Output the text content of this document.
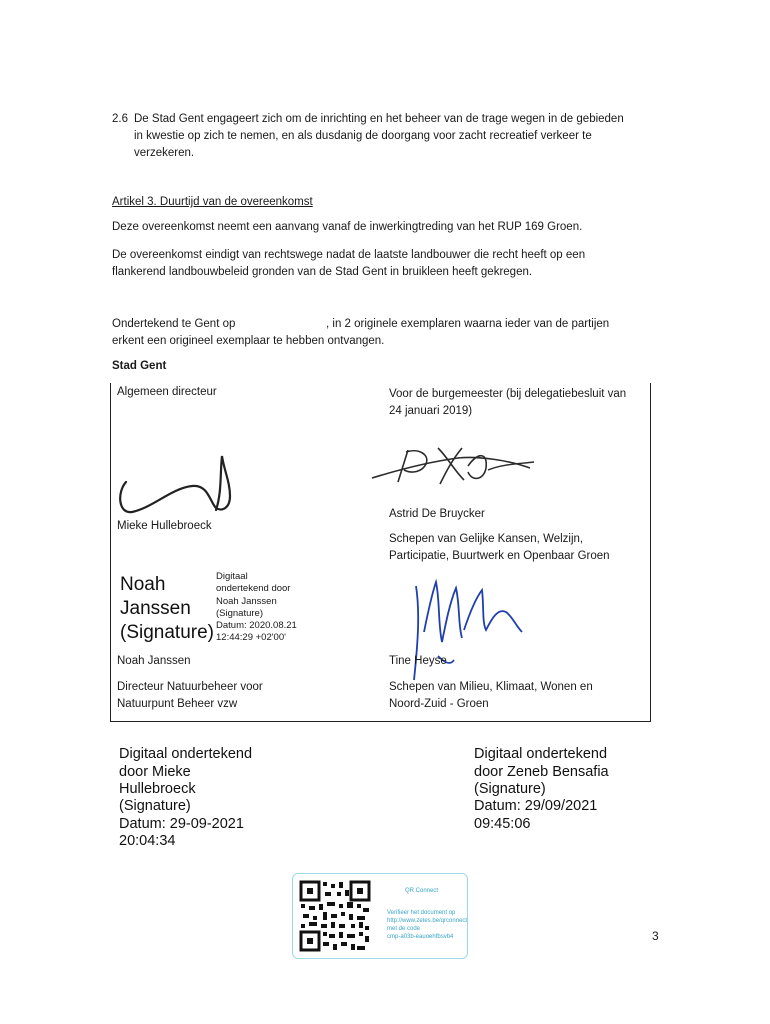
2.6 De Stad Gent engageert zich om de inrichting en het beheer van de trage wegen in de gebieden
in kwestie op zich te nemen, en als dusdanig de doorgang voor zacht recreatief verkeer te
verzekeren.
Artikel 3. Duurtijd van de overeenkomst
Deze overeenkomst neemt een aanvang vanaf de inwerkingtreding van het RUP 169 Groen.
De overeenkomst eindigt van rechtswege nadat de laatste landbouwer die recht heeft op een
flankerend landbouwbeleid gronden van de Stad Gent in bruikleen heeft gekregen.
Ondertekend te Gent op	, in 2 originele exemplaren waarna ieder van de partijen
erkent een origineel exemplaar te hebben ontvangen.
Stad Gent
Algemeen directeur	Voor de burgemeester (bij delegatiebesluit van
24 januari 2019)
Mieke Hullebroeck
Astrid De Bruycker
Schepen van Gelijke Kansen, Welzijn,
Participatie, Buurtwerk en Openbaar Groen
Noah
Janssen
(Signature)
Digitaal
ondertekend door
Noah Janssen
(Signature)
Datum: 2020.08.21
12:44:29 +02'00'
Noah Janssen	Tine Heyse
Directeur Natuurbeheer voor
Natuurpunt Beheer vzw
Schepen van Milieu, Klimaat, Wonen en
Noord-Zuid - Groen
Digitaal ondertekend
door Mieke
Hullebroeck
(Signature)
Datum: 29-09-2021
20:04:34
Digitaal ondertekend
door Zeneb Bensafia
(Signature)
Datum: 29/09/2021
09:45:06
QR Connect
Verifieer het document op
http://www.zetes.be/qrconnect
met de code
cmp-a03b-eauoehfbsvb4	3
